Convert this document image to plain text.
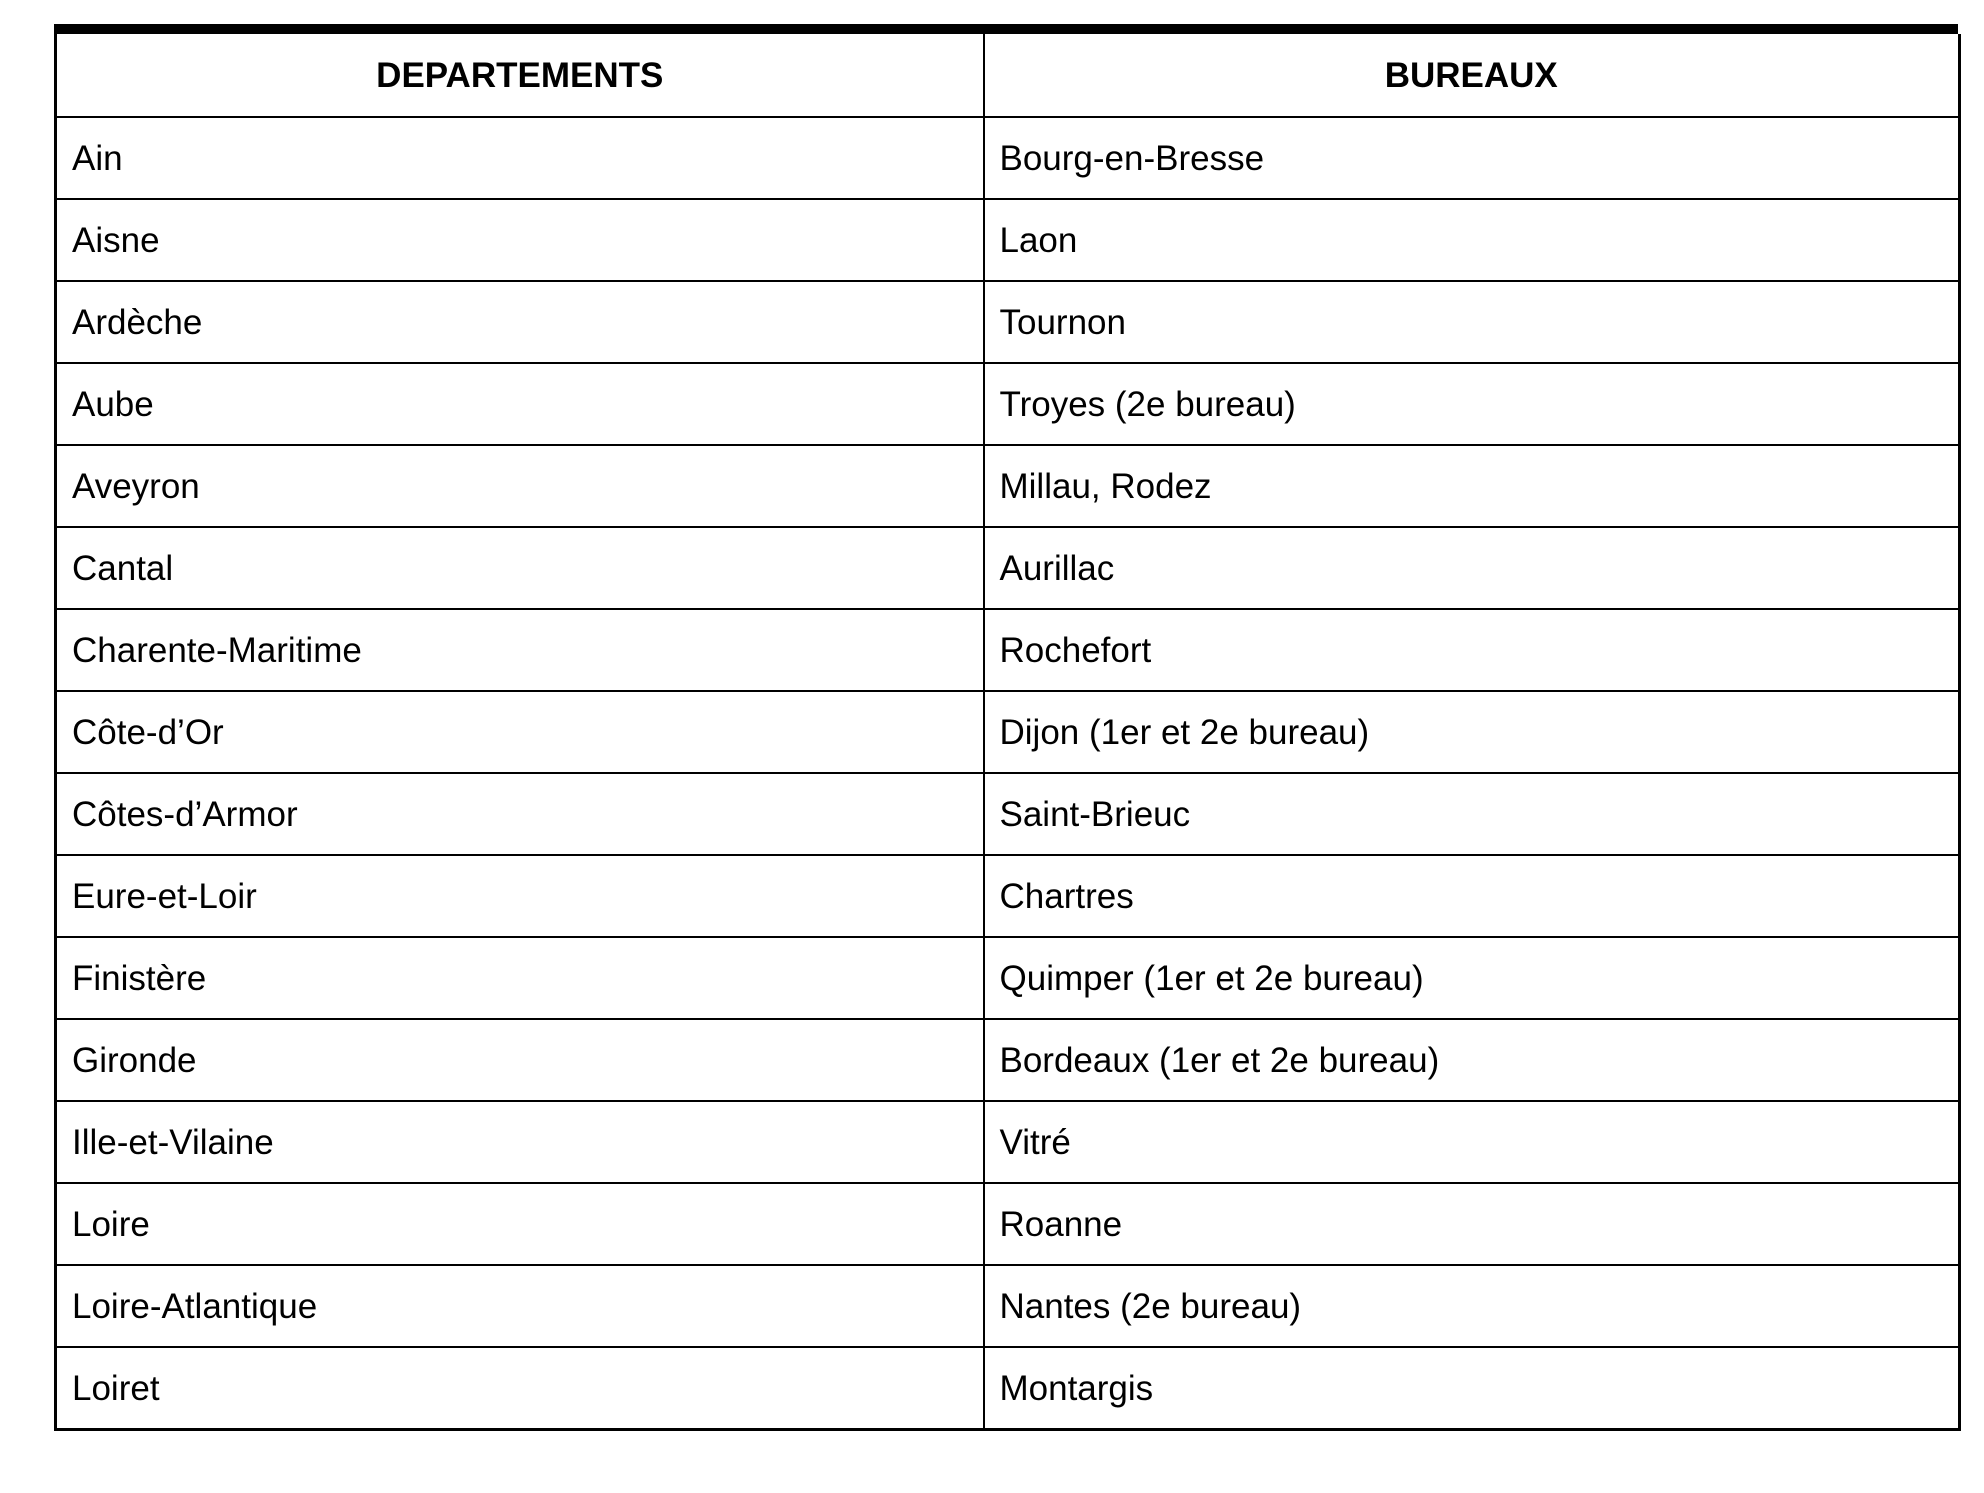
DEPARTEMENTS	BUREAUX
Ain	Bourg-en-Bresse
Aisne	Laon
Ardèche	Tournon
Aube	Troyes (2e bureau)
Aveyron	Millau, Rodez
Cantal	Aurillac
Charente-Maritime	Rochefort
Côte-d’Or	Dijon (1er et 2e bureau)
Côtes-d’Armor	Saint-Brieuc
Eure-et-Loir	Chartres
Finistère	Quimper (1er et 2e bureau)
Gironde	Bordeaux (1er et 2e bureau)
Ille-et-Vilaine	Vitré
Loire	Roanne
Loire-Atlantique	Nantes (2e bureau)
Loiret	Montargis
